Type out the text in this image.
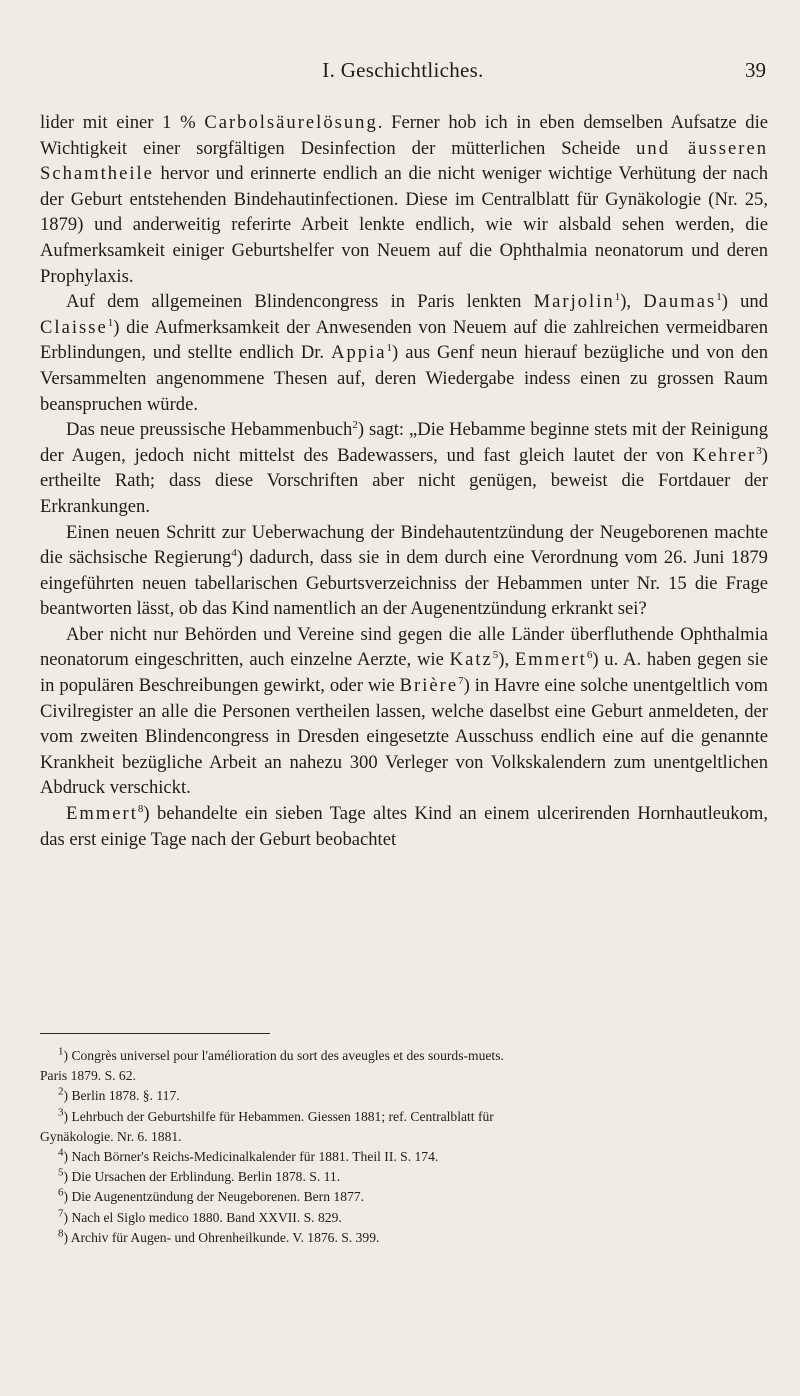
I. Geschichtliches.	39

lider mit einer 1 % Carbolsäurelösung. Ferner hob ich in eben demselben Aufsatze die Wichtigkeit einer sorgfältigen Desinfection der mütterlichen Scheide und äusseren Schamtheile hervor und erinnerte endlich an die nicht weniger wichtige Verhütung der nach der Geburt entstehenden Bindehautinfectionen. Diese im Centralblatt für Gynäkologie (Nr. 25, 1879) und anderweitig referirte Arbeit lenkte endlich, wie wir alsbald sehen werden, die Aufmerksamkeit einiger Geburtshelfer von Neuem auf die Ophthalmia neonatorum und deren Prophylaxis.

Auf dem allgemeinen Blindencongress in Paris lenkten Marjolin$^1$), Daumas$^1$) und Claisse$^1$) die Aufmerksamkeit der Anwesenden von Neuem auf die zahlreichen vermeidbaren Erblindungen, und stellte endlich Dr. Appia$^1$) aus Genf neun hierauf bezügliche und von den Versammelten angenommene Thesen auf, deren Wiedergabe indess einen zu grossen Raum beanspruchen würde.

Das neue preussische Hebammenbuch$^2$) sagt: „Die Hebamme beginne stets mit der Reinigung der Augen, jedoch nicht mittelst des Badewassers, und fast gleich lautet der von Kehrer$^3$) ertheilte Rath; dass diese Vorschriften aber nicht genügen, beweist die Fortdauer der Erkrankungen.

Einen neuen Schritt zur Ueberwachung der Bindehautentzündung der Neugeborenen machte die sächsische Regierung$^4$) dadurch, dass sie in dem durch eine Verordnung vom 26. Juni 1879 eingeführten neuen tabellarischen Geburtsverzeichniss der Hebammen unter Nr. 15 die Frage beantworten lässt, ob das Kind namentlich an der Augenentzündung erkrankt sei?

Aber nicht nur Behörden und Vereine sind gegen die alle Länder überfluthende Ophthalmia neonatorum eingeschritten, auch einzelne Aerzte, wie Katz$^5$), Emmert$^6$) u. A. haben gegen sie in populären Beschreibungen gewirkt, oder wie Brière$^7$) in Havre eine solche unentgeltlich vom Civilregister an alle die Personen vertheilen lassen, welche daselbst eine Geburt anmeldeten, der vom zweiten Blindencongress in Dresden eingesetzte Ausschuss endlich eine auf die genannte Krankheit bezügliche Arbeit an nahezu 300 Verleger von Volkskalendern zum unentgeltlichen Abdruck verschickt.

Emmert$^8$) behandelte ein sieben Tage altes Kind an einem ulcerirenden Hornhautleukom, das erst einige Tage nach der Geburt beobachtet

$^1$) Congrès universel pour l'amélioration du sort des aveugles et des sourds-muets.
Paris 1879. S. 62.
$^2$) Berlin 1878. §. 117.
$^3$) Lehrbuch der Geburtshilfe für Hebammen. Giessen 1881; ref. Centralblatt für
Gynäkologie. Nr. 6. 1881.
$^4$) Nach Börner's Reichs-Medicinalkalender für 1881. Theil II. S. 174.
$^5$) Die Ursachen der Erblindung. Berlin 1878. S. 11.
$^6$) Die Augenentzündung der Neugeborenen. Bern 1877.
$^7$) Nach el Siglo medico 1880. Band XXVII. S. 829.
$^8$) Archiv für Augen- und Ohrenheilkunde. V. 1876. S. 399.
